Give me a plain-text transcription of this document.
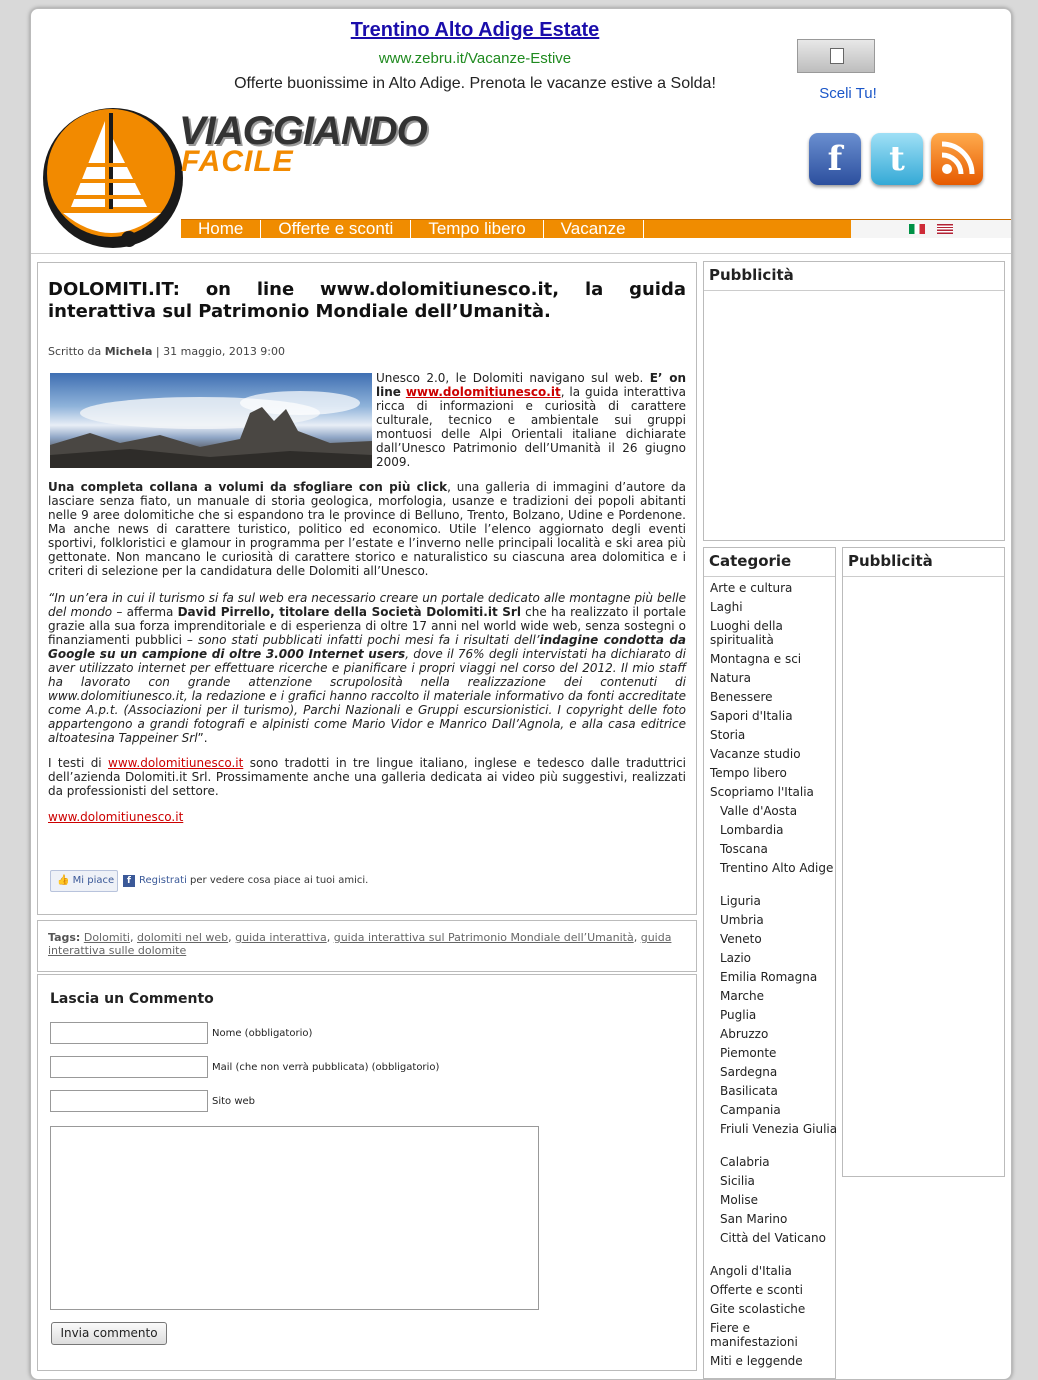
Trentino Alto Adige Estate
www.zebru.it/Vacanze-Estive
Offerte buonissime in Alto Adige. Prenota le vacanze estive a Solda!
Sceli Tu!
VIAGGIANDO
FACILE	f	t
Home	Offerte e sconti	Tempo libero	Vacanze
DOLOMITI.IT: on line www.dolomitiunesco.it, la guida
interattiva sul Patrimonio Mondiale dell’Umanità.
Scritto da Michela | 31 maggio, 2013 9:00
Unesco 2.0, le Dolomiti navigano sul web. E’ on line www.dolomitiunesco.it, la guida interattiva ricca di informazioni e curiosità di carattere culturale, tecnico e ambientale sui gruppi montuosi delle Alpi Orientali italiane dichiarate dall’Unesco Patrimonio dell’Umanità il 26 giugno 2009.
Una completa collana a volumi da sfogliare con più click, una galleria di immagini d’autore da lasciare senza fiato, un manuale di storia geologica, morfologia, usanze e tradizioni dei popoli abitanti nelle 9 aree dolomitiche che si espandono tra le province di Belluno, Trento, Bolzano, Udine e Pordenone. Ma anche news di carattere turistico, politico ed economico. Utile l’elenco aggiornato degli eventi sportivi, folkloristici e glamour in programma per l’estate e l’inverno nelle principali località e ski area più gettonate. Non mancano le curiosità di carattere storico e naturalistico su ciascuna area dolomitica e i criteri di selezione per la candidatura delle Dolomiti all’Unesco.
“In un’era in cui il turismo si fa sul web era necessario creare un portale dedicato alle montagne più belle del mondo – afferma David Pirrello, titolare della Società Dolomiti.it Srl che ha realizzato il portale grazie alla sua forza imprenditoriale e di esperienza di oltre 17 anni nel world wide web, senza sostegni o finanziamenti pubblici – sono stati pubblicati infatti pochi mesi fa i risultati dell’indagine condotta da Google su un campione di oltre 3.000 Internet users, dove il 76% degli intervistati ha dichiarato di aver utilizzato internet per effettuare ricerche e pianificare i propri viaggi nel corso del 2012. Il mio staff ha lavorato con grande attenzione scrupolosità nella realizzazione dei contenuti di www.dolomitiunesco.it, la redazione e i grafici hanno raccolto il materiale informativo da fonti accreditate come A.p.t. (Associazioni per il turismo), Parchi Nazionali e Gruppi escursionistici. I copyright delle foto appartengono a grandi fotografi e alpinisti come Mario Vidor e Manrico Dall’Agnola, e alla casa editrice altoatesina Tappeiner Srl”.
I testi di www.dolomitiunesco.it sono tradotti in tre lingue italiano, inglese e tedesco dalle traduttrici dell’azienda Dolomiti.it Srl. Prossimamente anche una galleria dedicata ai video più suggestivi, realizzati da professionisti del settore.
www.dolomitiunesco.it
👍 Mi piace	f Registrati per vedere cosa piace ai tuoi amici.
Tags: Dolomiti, dolomiti nel web, guida interattiva, guida interattiva sul Patrimonio Mondiale dell’Umanità, guida interattiva sulle dolomite
Lascia un Commento
Nome (obbligatorio)
Mail (che non verrà pubblicata) (obbligatorio)
Sito web
Invia commento
Pubblicità
Categorie
Arte e cultura
Laghi
Luoghi della spiritualità
Montagna e sci
Natura
Benessere
Sapori d'Italia
Storia
Vacanze studio
Tempo libero
Scopriamo l'Italia
Valle d'Aosta
Lombardia
Toscana
Trentino Alto Adige
Liguria
Umbria
Veneto
Lazio
Emilia Romagna
Marche
Puglia
Abruzzo
Piemonte
Sardegna
Basilicata
Campania
Friuli Venezia Giulia
Calabria
Sicilia
Molise
San Marino
Città del Vaticano
Angoli d'Italia
Offerte e sconti
Gite scolastiche
Fiere e manifestazioni
Miti e leggende
Pubblicità
